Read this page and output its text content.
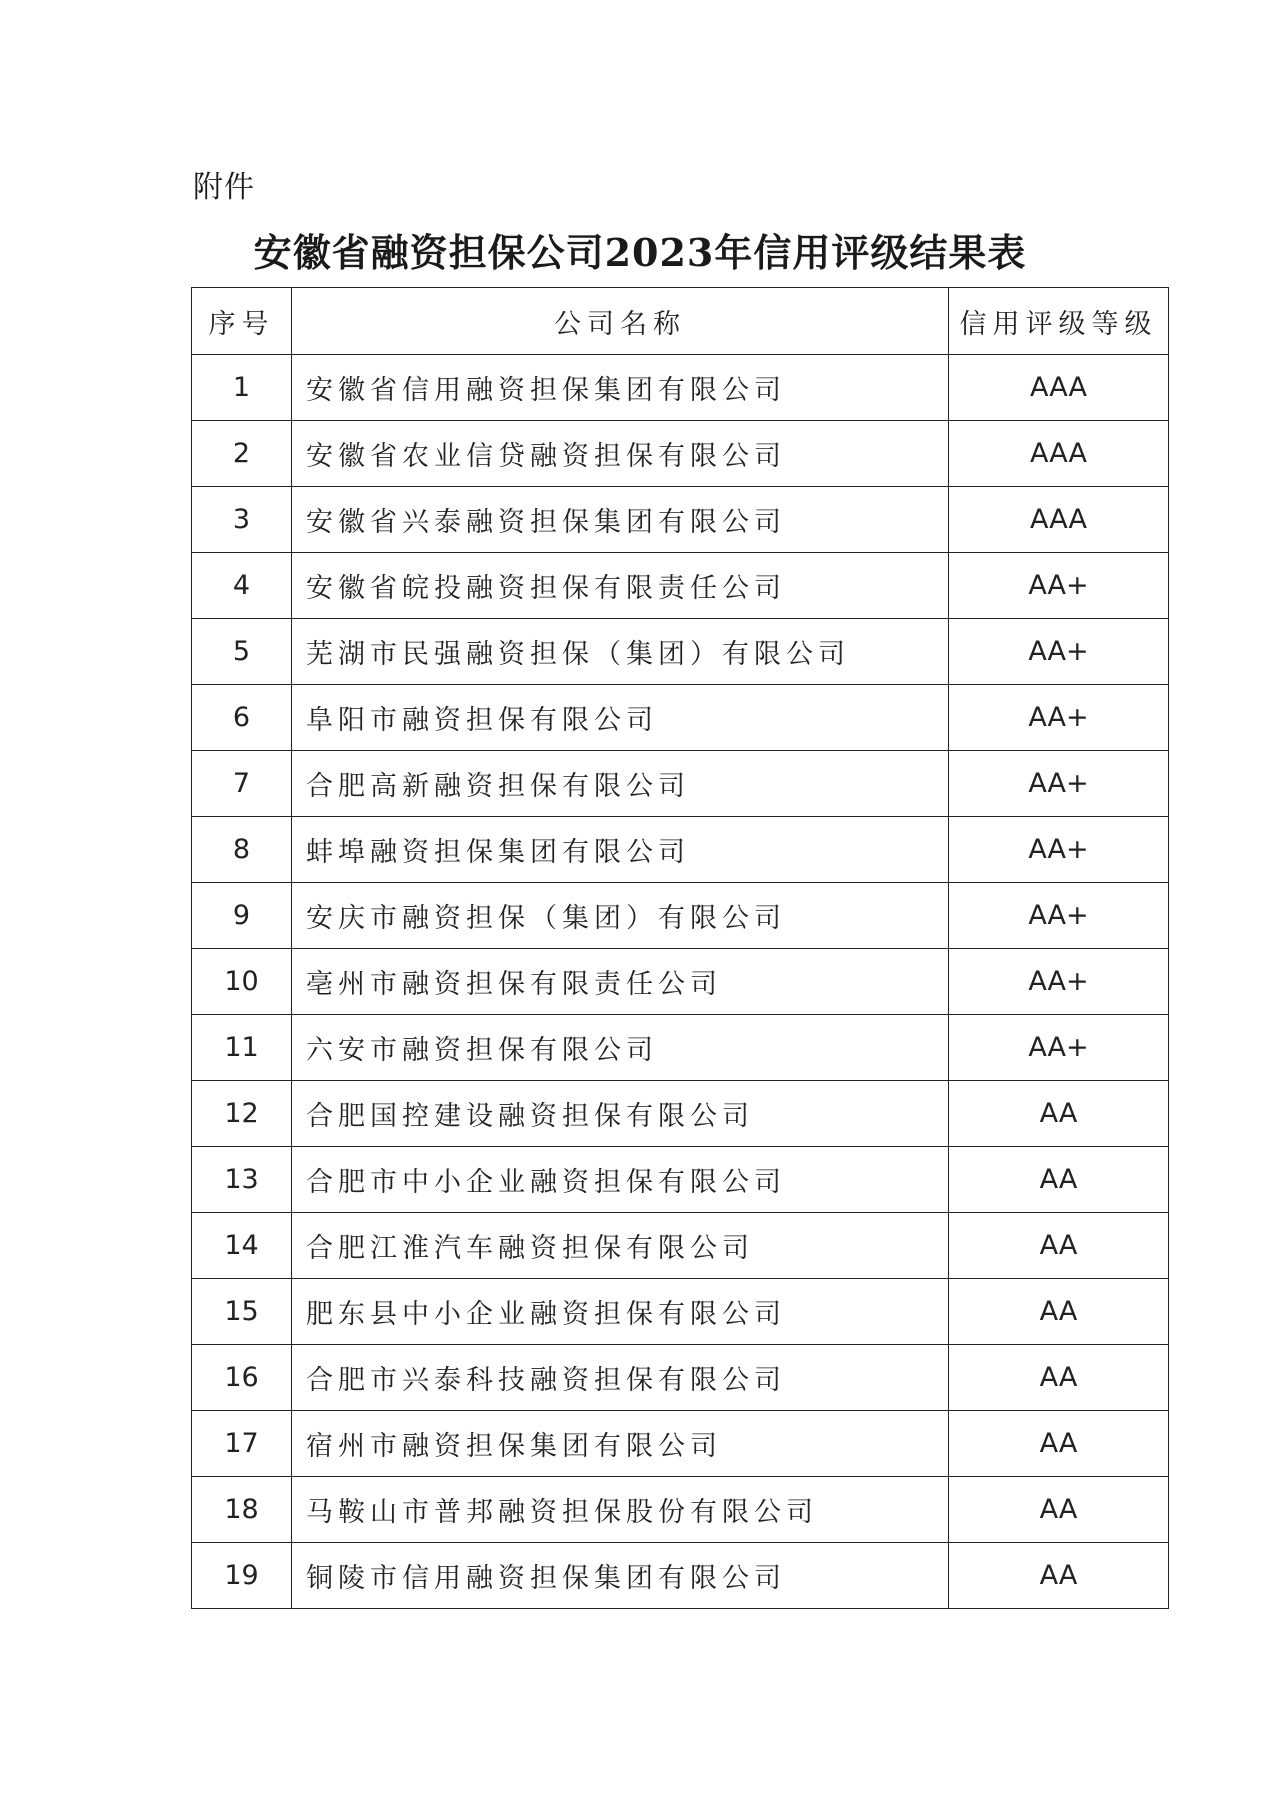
附件
安徽省融资担保公司2023年信用评级结果表
序号	公司名称	信用评级等级
1	安徽省信用融资担保集团有限公司	AAA
2	安徽省农业信贷融资担保有限公司	AAA
3	安徽省兴泰融资担保集团有限公司	AAA
4	安徽省皖投融资担保有限责任公司	AA+
5	芜湖市民强融资担保（集团）有限公司	AA+
6	阜阳市融资担保有限公司	AA+
7	合肥高新融资担保有限公司	AA+
8	蚌埠融资担保集团有限公司	AA+
9	安庆市融资担保（集团）有限公司	AA+
10	亳州市融资担保有限责任公司	AA+
11	六安市融资担保有限公司	AA+
12	合肥国控建设融资担保有限公司	AA
13	合肥市中小企业融资担保有限公司	AA
14	合肥江淮汽车融资担保有限公司	AA
15	肥东县中小企业融资担保有限公司	AA
16	合肥市兴泰科技融资担保有限公司	AA
17	宿州市融资担保集团有限公司	AA
18	马鞍山市普邦融资担保股份有限公司	AA
19	铜陵市信用融资担保集团有限公司	AA
